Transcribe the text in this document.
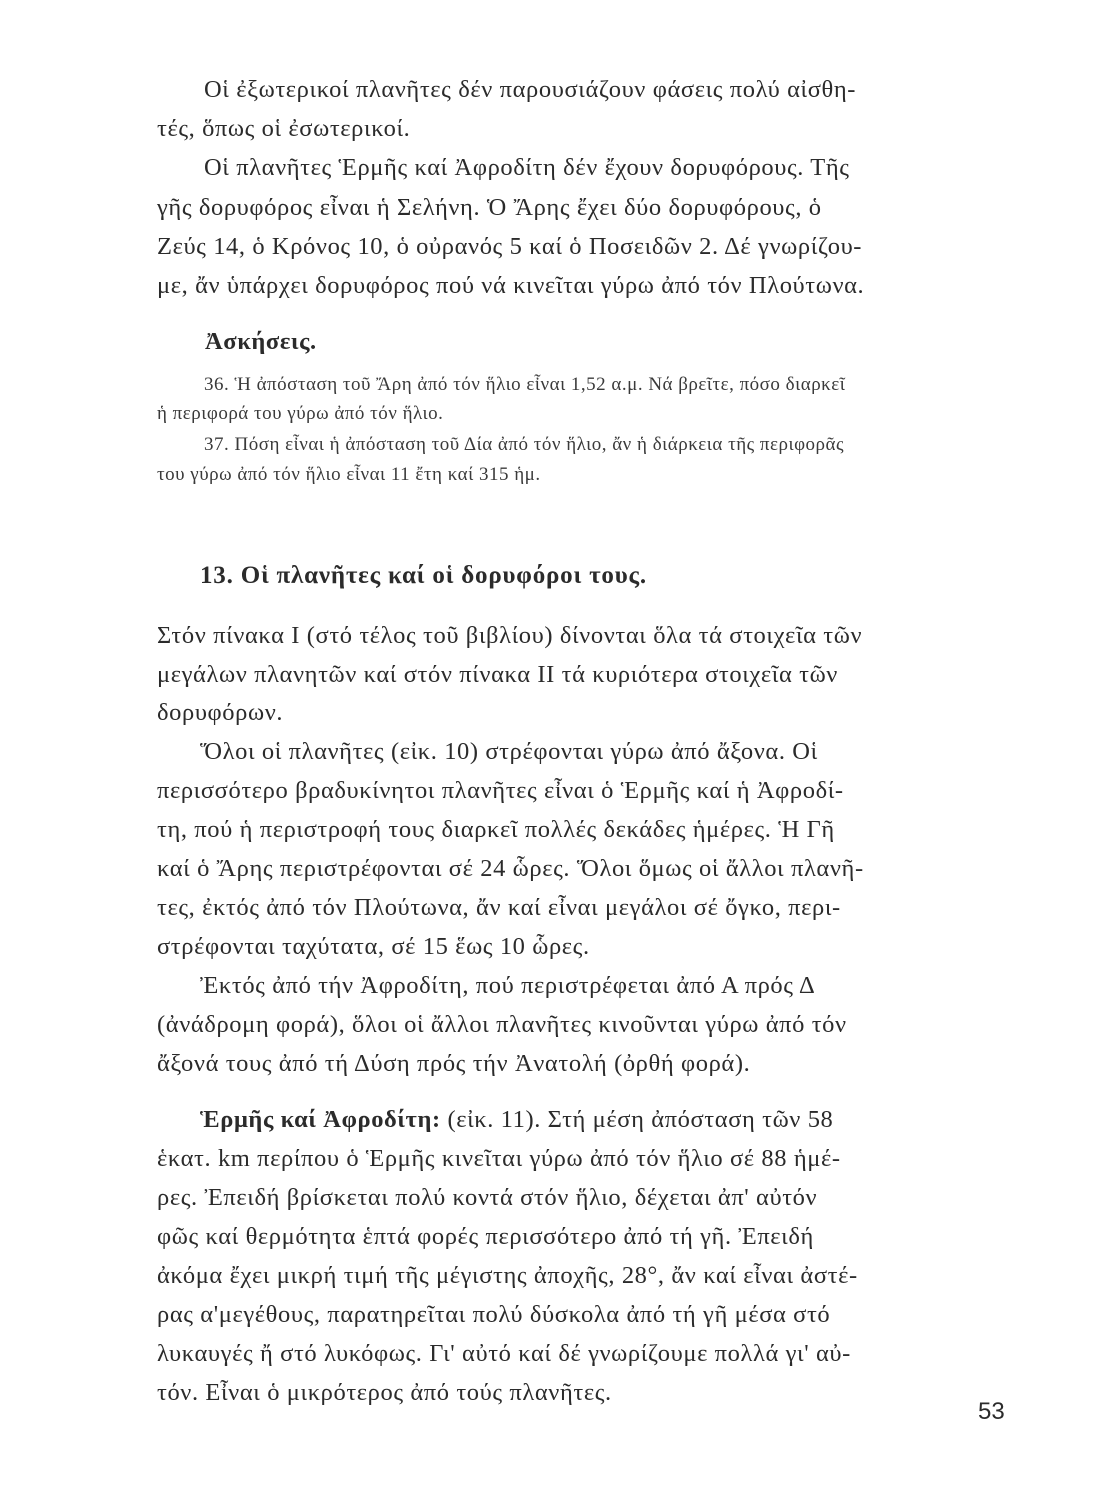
Οἱ ἐξωτερικοί πλανῆτες δέν παρουσιάζουν φάσεις πολύ αἰσθη-

τές, ὅπως οἱ ἐσωτερικοί.

Οἱ πλανῆτες Ἑρμῆς καί Ἀφροδίτη δέν ἔχουν δορυφόρους. Τῆς

γῆς δορυφόρος εἶναι ἡ Σελήνη. Ὁ Ἄρης ἔχει δύο δορυφόρους, ὁ

Ζεύς 14, ὁ Κρόνος 10, ὁ οὐρανός 5 καί ὁ Ποσειδῶν 2. Δέ γνωρίζου-

με, ἄν ὑπάρχει δορυφόρος πού νά κινεῖται γύρω ἀπό τόν Πλούτωνα.

Ἀσκήσεις.

36. Ἡ ἀπόσταση τοῦ Ἄρη ἀπό τόν ἥλιο εἶναι 1,52 α.μ. Νά βρεῖτε, πόσο διαρκεῖ

ἡ περιφορά του γύρω ἀπό τόν ἥλιο.

37. Πόση εἶναι ἡ ἀπόσταση τοῦ Δία ἀπό τόν ἥλιο, ἄν ἡ διάρκεια τῆς περιφορᾶς

του γύρω ἀπό τόν ἥλιο εἶναι 11 ἔτη καί 315 ἡμ.

13. Οἱ πλανῆτες καί οἱ δορυφόροι τους.

Στόν πίνακα I (στό τέλος τοῦ βιβλίου) δίνονται ὅλα τά στοιχεῖα τῶν

μεγάλων πλανητῶν καί στόν πίνακα II τά κυριότερα στοιχεῖα τῶν

δορυφόρων.

Ὅλοι οἱ πλανῆτες (εἰκ. 10) στρέφονται γύρω ἀπό ἄξονα. Οἱ

περισσότερο βραδυκίνητοι πλανῆτες εἶναι ὁ Ἑρμῆς καί ἡ Ἀφροδί-

τη, πού ἡ περιστροφή τους διαρκεῖ πολλές δεκάδες ἡμέρες. Ἡ Γῆ

καί ὁ Ἄρης περιστρέφονται σέ 24 ὧρες. Ὅλοι ὅμως οἱ ἄλλοι πλανῆ-

τες, ἐκτός ἀπό τόν Πλούτωνα, ἄν καί εἶναι μεγάλοι σέ ὄγκο, περι-

στρέφονται ταχύτατα, σέ 15 ἕως 10 ὧρες.

Ἐκτός ἀπό τήν Ἀφροδίτη, πού περιστρέφεται ἀπό Α πρός Δ

(ἀνάδρομη φορά), ὅλοι οἱ ἄλλοι πλανῆτες κινοῦνται γύρω ἀπό τόν

ἄξονά τους ἀπό τή Δύση πρός τήν Ἀνατολή (ὀρθή φορά).

Ἑρμῆς καί Ἀφροδίτη: (εἰκ. 11). Στή μέση ἀπόσταση τῶν 58

ἑκατ. km περίπου ὁ Ἑρμῆς κινεῖται γύρω ἀπό τόν ἥλιο σέ 88 ἡμέ-

ρες. Ἐπειδή βρίσκεται πολύ κοντά στόν ἥλιο, δέχεται ἀπ' αὐτόν

φῶς καί θερμότητα ἑπτά φορές περισσότερο ἀπό τή γῆ. Ἐπειδή

ἀκόμα ἔχει μικρή τιμή τῆς μέγιστης ἀποχῆς, 28°, ἄν καί εἶναι ἀστέ-

ρας α'μεγέθους, παρατηρεῖται πολύ δύσκολα ἀπό τή γῆ μέσα στό

λυκαυγές ἤ στό λυκόφως. Γι' αὐτό καί δέ γνωρίζουμε πολλά γι' αὐ-

τόν. Εἶναι ὁ μικρότερος ἀπό τούς πλανῆτες.

53
